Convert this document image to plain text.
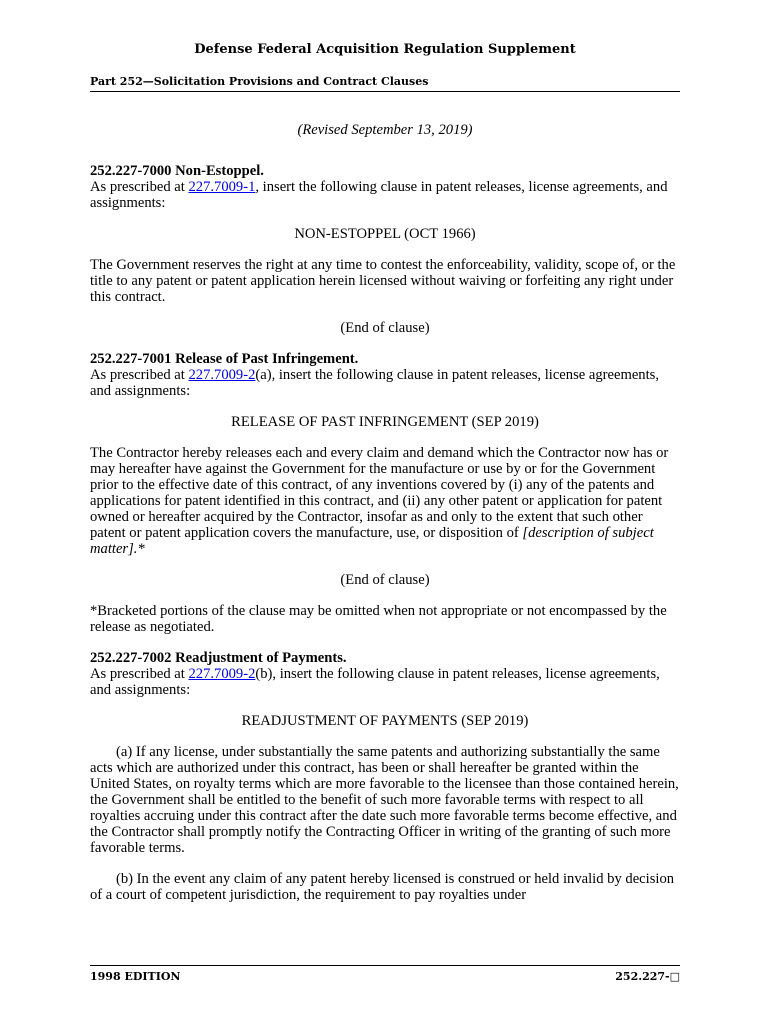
Defense Federal Acquisition Regulation Supplement
Part 252—Solicitation Provisions and Contract Clauses

(Revised September 13, 2019)

252.227-7000 Non-Estoppel.

As prescribed at 227.7009-1, insert the following clause in patent releases, license agreements, and assignments:

NON-ESTOPPEL (OCT 1966)

The Government reserves the right at any time to contest the enforceability, validity, scope of, or the title to any patent or patent application herein licensed without waiving or forfeiting any right under this contract.

(End of clause)

252.227-7001 Release of Past Infringement.

As prescribed at 227.7009-2(a), insert the following clause in patent releases, license agreements, and assignments:

RELEASE OF PAST INFRINGEMENT (SEP 2019)

The Contractor hereby releases each and every claim and demand which the Contractor now has or may hereafter have against the Government for the manufacture or use by or for the Government prior to the effective date of this contract, of any inventions covered by (i) any of the patents and applications for patent identified in this contract, and (ii) any other patent or application for patent owned or hereafter acquired by the Contractor, insofar as and only to the extent that such other patent or patent application covers the manufacture, use, or disposition of [description of subject matter].*

(End of clause)

*Bracketed portions of the clause may be omitted when not appropriate or not encompassed by the release as negotiated.

252.227-7002 Readjustment of Payments.

As prescribed at 227.7009-2(b), insert the following clause in patent releases, license agreements, and assignments:

READJUSTMENT OF PAYMENTS (SEP 2019)

(a) If any license, under substantially the same patents and authorizing substantially the same acts which are authorized under this contract, has been or shall hereafter be granted within the United States, on royalty terms which are more favorable to the licensee than those contained herein, the Government shall be entitled to the benefit of such more favorable terms with respect to all royalties accruing under this contract after the date such more favorable terms become effective, and the Contractor shall promptly notify the Contracting Officer in writing of the granting of such more favorable terms.

(b) In the event any claim of any patent hereby licensed is construed or held invalid by decision of a court of competent jurisdiction, the requirement to pay royalties under

1998 EDITION	252.227-□
